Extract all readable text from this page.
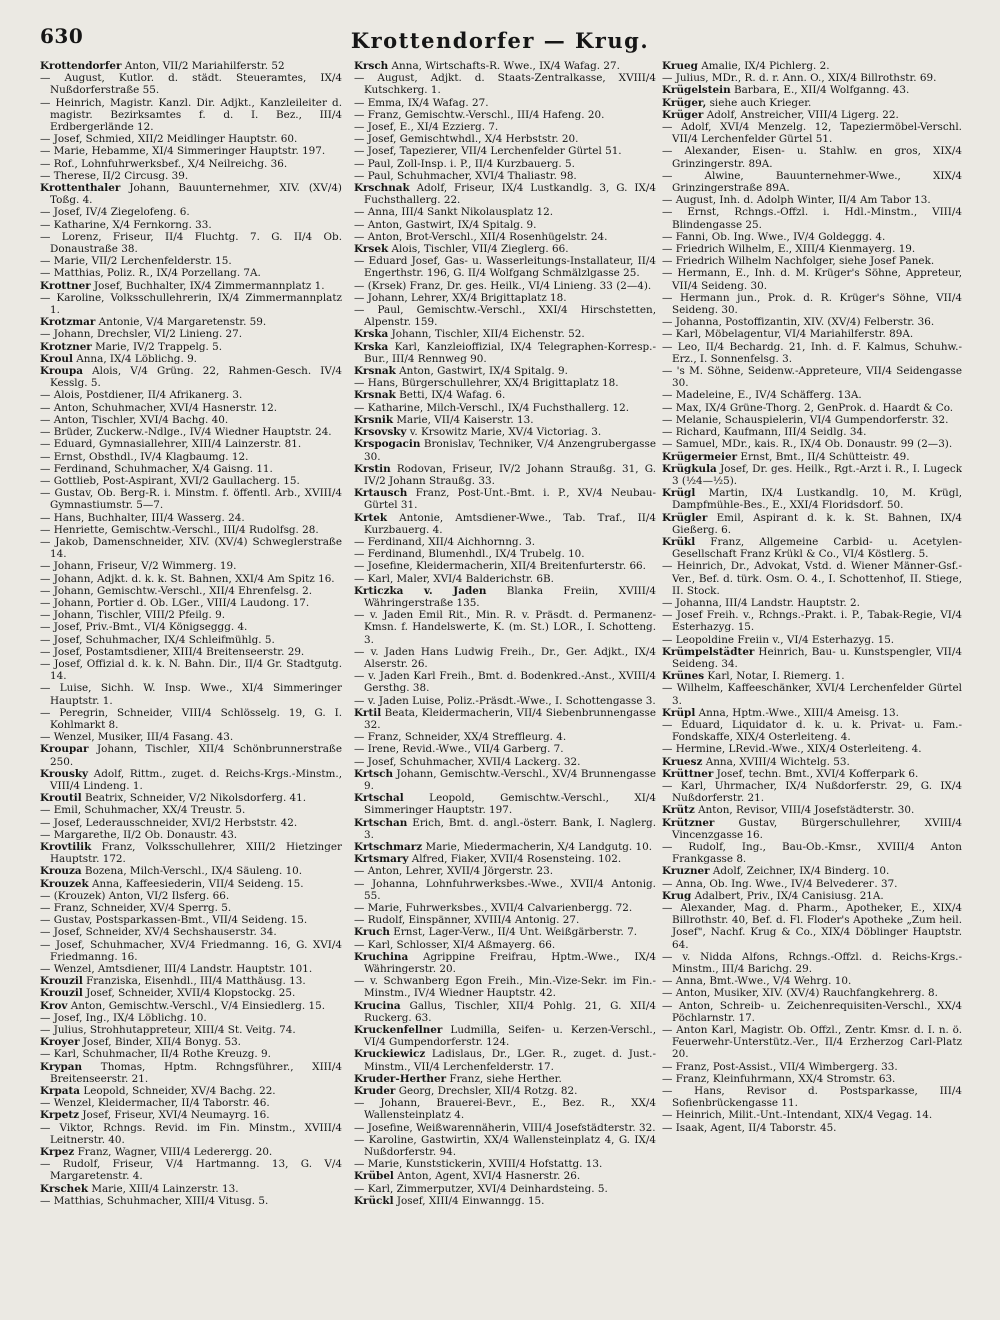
630	Krottendorfer — Krug.

Krottendorfer Anton, VII/2 Mariahilferstr. 52

— August, Kutlor. d. städt. Steueramtes, IX/4 Nußdorferstraße 55.

— Heinrich, Magistr. Kanzl. Dir. Adjkt., Kanzleileiter d. magistr. Bezirksamtes f. d. I. Bez., III/4 Erdbergerlände 12.

— Josef, Schmied, XII/2 Meidlinger Hauptstr. 60.

— Marie, Hebamme, XI/4 Simmeringer Hauptstr. 197.

— Rof., Lohnfuhrwerksbef., X/4 Neilreichg. 36.

— Therese, II/2 Circusg. 39.

Krottenthaler Johann, Bauunternehmer, XIV. (XV/4) Toßg. 4.

— Josef, IV/4 Ziegelofeng. 6.

— Katharine, X/4 Fernkorng. 33.

— Lorenz, Friseur, II/4 Fluchtg. 7. G. II/4 Ob. Donaustraße 38.

— Marie, VII/2 Lerchenfelderstr. 15.

— Matthias, Poliz. R., IX/4 Porzellang. 7A.

Krottner Josef, Buchhalter, IX/4 Zimmermannplatz 1.

— Karoline, Volksschullehrerin, IX/4 Zimmermannplatz 1.

Krotzmar Antonie, V/4 Margaretenstr. 59.

— Johann, Drechsler, VI/2 Linieng. 27.

Krotzner Marie, IV/2 Trappelg. 5.

Kroul Anna, IX/4 Löblichg. 9.

Kroupa Alois, V/4 Grüng. 22, Rahmen-Gesch. IV/4 Kesslg. 5.

— Alois, Postdiener, II/4 Afrikanerg. 3.

— Anton, Schuhmacher, XVI/4 Hasnerstr. 12.

— Anton, Tischler, XVI/4 Bachg. 40.

— Brüder, Zuckerw.-Ndlge., IV/4 Wiedner Hauptstr. 24.

— Eduard, Gymnasiallehrer, XIII/4 Lainzerstr. 81.

— Ernst, Obsthdl., IV/4 Klagbaumg. 12.

— Ferdinand, Schuhmacher, X/4 Gaisng. 11.

— Gottlieb, Post-Aspirant, XVI/2 Gaullacherg. 15.

— Gustav, Ob. Berg-R. i. Minstm. f. öffentl. Arb., XVIII/4 Gymnastiumstr. 5—7.

— Hans, Buchhalter, III/4 Wasserg. 24.

— Henriette, Gemischtw.-Verschl., III/4 Rudolfsg. 28.

— Jakob, Damenschneider, XIV. (XV/4) Schweglerstraße 14.

— Johann, Friseur, V/2 Wimmerg. 19.

— Johann, Adjkt. d. k. k. St. Bahnen, XXI/4 Am Spitz 16.

— Johann, Gemischtw.-Verschl., XII/4 Ehrenfelsg. 2.

— Johann, Portier d. Ob. LGer., VIII/4 Laudong. 17.

— Johann, Tischler, VIII/2 Pfeilg. 9.

— Josef, Priv.-Bmt., VI/4 Königseggg. 4.

— Josef, Schuhmacher, IX/4 Schleifmühlg. 5.

— Josef, Postamtsdiener, XIII/4 Breitenseerstr. 29.

— Josef, Offizial d. k. k. N. Bahn. Dir., II/4 Gr. Stadtgutg. 14.

— Luise, Sichh. W. Insp. Wwe., XI/4 Simmeringer Hauptstr. 1.

— Peregrin, Schneider, VIII/4 Schlösselg. 19, G. I. Kohlmarkt 8.

— Wenzel, Musiker, III/4 Fasang. 43.

Kroupar Johann, Tischler, XII/4 Schönbrunnerstraße 250.

Krousky Adolf, Rittm., zuget. d. Reichs-Krgs.-Minstm., VIII/4 Lindeng. 1.

Kroutil Beatrix, Schneider, V/2 Nikolsdorferg. 41.

— Emil, Schuhmacher, XX/4 Treustr. 5.

— Josef, Lederausschneider, XVI/2 Herbststr. 42.

— Margarethe, II/2 Ob. Donaustr. 43.

Krovtilik Franz, Volksschullehrer, XIII/2 Hietzinger Hauptstr. 172.

Krouza Bozena, Milch-Verschl., IX/4 Säuleng. 10.

Krouzek Anna, Kaffeesiederin, VII/4 Seideng. 15.

— (Krouzek) Anton, VI/2 Ilsferg. 66.

— Franz, Schneider, XV/4 Sperrg. 5.

— Gustav, Postsparkassen-Bmt., VII/4 Seideng. 15.

— Josef, Schneider, XV/4 Sechshauserstr. 34.

— Josef, Schuhmacher, XV/4 Friedmanng. 16, G. XVI/4 Friedmanng. 16.

— Wenzel, Amtsdiener, III/4 Landstr. Hauptstr. 101.

Krouzil Franziska, Eisenhdl., III/4 Matthäusg. 13.

Krouzil Josef, Schneider, XVII/4 Klopstockg. 25.

Krov Anton, Gemischtw.-Verschl., V/4 Einsiedlerg. 15.

— Josef, Ing., IX/4 Löblichg. 10.

— Julius, Strohhutappreteur, XIII/4 St. Veitg. 74.

Kroyer Josef, Binder, XII/4 Bonyg. 53.

— Karl, Schuhmacher, II/4 Rothe Kreuzg. 9.

Krypan Thomas, Hptm. Rchngsführer., XIII/4 Breitenseerstr. 21.

Krpata Leopold, Schneider, XV/4 Bachg. 22.

— Wenzel, Kleidermacher, II/4 Taborstr. 46.

Krpetz Josef, Friseur, XVI/4 Neumayrg. 16.

— Viktor, Rchngs. Revid. im Fin. Minstm., XVIII/4 Leitnerstr. 40.

Krpez Franz, Wagner, VIII/4 Lederergg. 20.

— Rudolf, Friseur, V/4 Hartmanng. 13, G. V/4 Margaretenstr. 4.

Krschek Marie, XIII/4 Lainzerstr. 13.

— Matthias, Schuhmacher, XIII/4 Vitusg. 5.

Krsch Anna, Wirtschafts-R. Wwe., IX/4 Wafag. 27.

— August, Adjkt. d. Staats-Zentralkasse, XVIII/4 Kutschkerg. 1.

— Emma, IX/4 Wafag. 27.

— Franz, Gemischtw.-Verschl., III/4 Hafeng. 20.

— Josef, E., XI/4 Ezzierg. 7.

— Josef, Gemischtwhdl., X/4 Herbststr. 20.

— Josef, Tapezierer, VII/4 Lerchenfelder Gürtel 51.

— Paul, Zoll-Insp. i. P., II/4 Kurzbauerg. 5.

— Paul, Schuhmacher, XVI/4 Thaliastr. 98.

Krschnak Adolf, Friseur, IX/4 Lustkandlg. 3, G. IX/4 Fuchsthallerg. 22.

— Anna, III/4 Sankt Nikolausplatz 12.

— Anton, Gastwirt, IX/4 Spitalg. 9.

— Anton, Brot-Verschl., XII/4 Rosenhügelstr. 24.

Krsek Alois, Tischler, VII/4 Zieglerg. 66.

— Eduard Josef, Gas- u. Wasserleitungs-Installateur, II/4 Engerthstr. 196, G. II/4 Wolfgang Schmälzlgasse 25.

— (Krsek) Franz, Dr. ges. Heilk., VI/4 Linieng. 33 (2—4).

— Johann, Lehrer, XX/4 Brigittaplatz 18.

— Paul, Gemischtw.-Verschl., XXI/4 Hirschstetten, Alpenstr. 159.

Krska Johann, Tischler, XII/4 Eichenstr. 52.

Krska Karl, Kanzleioffizial, IX/4 Telegraphen-Korresp.-Bur., III/4 Rennweg 90.

Krsnak Anton, Gastwirt, IX/4 Spitalg. 9.

— Hans, Bürgerschullehrer, XX/4 Brigittaplatz 18.

Krsnak Betti, IX/4 Wafag. 6.

— Katharine, Milch-Verschl., IX/4 Fuchsthallerg. 12.

Krsnik Marie, VII/4 Kaiserstr. 13.

Krsovsky v. Krsowitz Marie, XV/4 Victoriag. 3.

Krspogacin Bronislav, Techniker, V/4 Anzengrubergasse 30.

Krstin Rodovan, Friseur, IV/2 Johann Straußg. 31, G. IV/2 Johann Straußg. 33.

Krtausch Franz, Post-Unt.-Bmt. i. P., XV/4 Neubau-Gürtel 31.

Krtek Antonie, Amtsdiener-Wwe., Tab. Traf., II/4 Kurzbauerg. 4.

— Ferdinand, XII/4 Aichhornng. 3.

— Ferdinand, Blumenhdl., IX/4 Trubelg. 10.

— Josefine, Kleidermacherin, XII/4 Breitenfurterstr. 66.

— Karl, Maler, XVI/4 Balderichstr. 6B.

Krticzka v. Jaden Blanka Freiin, XVIII/4 Währingerstraße 135.

— v. Jaden Emil Rit., Min. R. v. Präsdt. d. Permanenz-Kmsn. f. Handelswerte, K. (m. St.) LOR., I. Schotteng. 3.

— v. Jaden Hans Ludwig Freih., Dr., Ger. Adjkt., IX/4 Alserstr. 26.

— v. Jaden Karl Freih., Bmt. d. Bodenkred.-Anst., XVIII/4 Gersthg. 38.

— v. Jaden Luise, Poliz.-Präsdt.-Wwe., I. Schottengasse 3.

Krtil Beata, Kleidermacherin, VII/4 Siebenbrunnengasse 32.

— Franz, Schneider, XX/4 Streffleurg. 4.

— Irene, Revid.-Wwe., VII/4 Garberg. 7.

— Josef, Schuhmacher, XVII/4 Lackerg. 32.

Krtsch Johann, Gemischtw.-Verschl., XV/4 Brunnengasse 9.

Krtschal Leopold, Gemischtw.-Verschl., XI/4 Simmeringer Hauptstr. 197.

Krtschan Erich, Bmt. d. angl.-österr. Bank, I. Naglerg. 3.

Krtschmarz Marie, Miedermacherin, X/4 Landgutg. 10.

Krtsmary Alfred, Fiaker, XVII/4 Rosensteing. 102.

— Anton, Lehrer, XVII/4 Jörgerstr. 23.

— Johanna, Lohnfuhrwerksbes.-Wwe., XVII/4 Antonig. 55.

— Marie, Fuhrwerksbes., XVII/4 Calvarienbergg. 72.

— Rudolf, Einspänner, XVIII/4 Antonig. 27.

Kruch Ernst, Lager-Verw., II/4 Unt. Weißgärberstr. 7.

— Karl, Schlosser, XI/4 Aßmayerg. 66.

Kruchina Agrippine Freifrau, Hptm.-Wwe., IX/4 Währingerstr. 20.

— v. Schwanberg Egon Freih., Min.-Vize-Sekr. im Fin.-Minstm., IV/4 Wiedner Hauptstr. 42.

Krucina Gallus, Tischler, XII/4 Pohlg. 21, G. XII/4 Ruckerg. 63.

Kruckenfellner Ludmilla, Seifen- u. Kerzen-Verschl., VI/4 Gumpendorferstr. 124.

Kruckiewicz Ladislaus, Dr., LGer. R., zuget. d. Just.-Minstm., VII/4 Lerchenfelderstr. 17.

Kruder-Herther Franz, siehe Herther.

Kruder Georg, Drechsler, XII/4 Rotzg. 82.

— Johann, Brauerei-Bevr., E., Bez. R., XX/4 Wallensteinplatz 4.

— Josefine, Weißwarennäherin, VIII/4 Josefstädterstr. 32.

— Karoline, Gastwirtin, XX/4 Wallensteinplatz 4, G. IX/4 Nußdorferstr. 94.

— Marie, Kunststickerin, XVIII/4 Hofstattg. 13.

Krübel Anton, Agent, XVI/4 Hasnerstr. 26.

— Karl, Zimmerputzer, XVI/4 Deinhardsteing. 5.

Krückl Josef, XIII/4 Einwanngg. 15.

Krueg Amalie, IX/4 Pichlerg. 2.

— Julius, MDr., R. d. r. Ann. O., XIX/4 Billrothstr. 69.

Krügelstein Barbara, E., XII/4 Wolfganng. 43.

Krüger, siehe auch Krieger.

Krüger Adolf, Anstreicher, VIII/4 Ligerg. 22.

— Adolf, XVI/4 Menzelg. 12, Tapeziermöbel-Verschl. VII/4 Lerchenfelder Gürtel 51.

— Alexander, Eisen- u. Stahlw. en gros, XIX/4 Grinzingerstr. 89A.

— Alwine, Bauunternehmer-Wwe., XIX/4 Grinzingerstraße 89A.

— August, Inh. d. Adolph Winter, II/4 Am Tabor 13.

— Ernst, Rchngs.-Offzl. i. Hdl.-Minstm., VIII/4 Blindengasse 25.

— Fanni, Ob. Ing. Wwe., IV/4 Goldeggg. 4.

— Friedrich Wilhelm, E., XIII/4 Kienmayerg. 19.

— Friedrich Wilhelm Nachfolger, siehe Josef Panek.

— Hermann, E., Inh. d. M. Krüger's Söhne, Appreteur, VII/4 Seideng. 30.

— Hermann jun., Prok. d. R. Krüger's Söhne, VII/4 Seideng. 30.

— Johanna, Postoffizantin, XIV. (XV/4) Felberstr. 36.

— Karl, Möbelagentur, VI/4 Mariahilferstr. 89A.

— Leo, II/4 Bechardg. 21, Inh. d. F. Kalmus, Schuhw.-Erz., I. Sonnenfelsg. 3.

— 's M. Söhne, Seidenw.-Appreteure, VII/4 Seidengasse 30.

— Madeleine, E., IV/4 Schäfferg. 13A.

— Max, IX/4 Grüne-Thorg. 2, GenProk. d. Haardt & Co.

— Melanie, Schauspielerin, VI/4 Gumpendorferstr. 32.

— Richard, Kaufmann, III/4 Seidlg. 34.

— Samuel, MDr., kais. R., IX/4 Ob. Donaustr. 99 (2—3).

Krügermeier Ernst, Bmt., II/4 Schütteistr. 49.

Krügkula Josef, Dr. ges. Heilk., Rgt.-Arzt i. R., I. Lugeck 3 (½4—½5).

Krügl Martin, IX/4 Lustkandlg. 10, M. Krügl, Dampfmühle-Bes., E., XXI/4 Floridsdorf. 50.

Krügler Emil, Aspirant d. k. k. St. Bahnen, IX/4 Gießerg. 6.

Krükl Franz, Allgemeine Carbid- u. Acetylen-Gesellschaft Franz Krükl & Co., VI/4 Köstlerg. 5.

— Heinrich, Dr., Advokat, Vstd. d. Wiener Männer-Gsf.-Ver., Bef. d. türk. Osm. O. 4., I. Schottenhof, II. Stiege, II. Stock.

— Johanna, III/4 Landstr. Hauptstr. 2.

— Josef Freih. v., Rchngs.-Prakt. i. P., Tabak-Regie, VI/4 Esterhazyg. 15.

— Leopoldine Freiin v., VI/4 Esterhazyg. 15.

Krümpelstädter Heinrich, Bau- u. Kunstspengler, VII/4 Seideng. 34.

Krünes Karl, Notar, I. Riemerg. 1.

— Wilhelm, Kaffeeschänker, XVI/4 Lerchenfelder Gürtel 3.

Krüpl Anna, Hptm.-Wwe., XIII/4 Ameisg. 13.

— Eduard, Liquidator d. k. u. k. Privat- u. Fam.-Fondskaffe, XIX/4 Osterleiteng. 4.

— Hermine, LRevid.-Wwe., XIX/4 Osterleiteng. 4.

Kruesz Anna, XVIII/4 Wichtelg. 53.

Krüttner Josef, techn. Bmt., XVI/4 Kofferpark 6.

— Karl, Uhrmacher, IX/4 Nußdorferstr. 29, G. IX/4 Nußdorferstr. 21.

Krütz Anton, Revisor, VIII/4 Josefstädterstr. 30.

Krützner Gustav, Bürgerschullehrer, XVIII/4 Vincenzgasse 16.

— Rudolf, Ing., Bau-Ob.-Kmsr., XVIII/4 Anton Frankgasse 8.

Kruzner Adolf, Zeichner, IX/4 Binderg. 10.

— Anna, Ob. Ing. Wwe., IV/4 Belvederег. 37.

Krug Adalbert, Priv., IX/4 Canisiusg. 21A.

— Alexander, Mag. d. Pharm., Apotheker, E., XIX/4 Billrothstr. 40, Bef. d. Fl. Floder's Apotheke „Zum heil. Josef", Nachf. Krug & Co., XIX/4 Döblinger Hauptstr. 64.

— v. Nidda Alfons, Rchngs.-Offzl. d. Reichs-Krgs.-Minstm., III/4 Barichg. 29.

— Anna, Bmt.-Wwe., V/4 Wehrg. 10.

— Anton, Musiker, XIV. (XV/4) Rauchfangkehrerg. 8.

— Anton, Schreib- u. Zeichenrequisiten-Verschl., XX/4 Pöchlarnstr. 17.

— Anton Karl, Magistr. Ob. Offzl., Zentr. Kmsr. d. I. n. ö. Feuerwehr-Unterstütz.-Ver., II/4 Erzherzog Carl-Platz 20.

— Franz, Post-Assist., VII/4 Wimbergerg. 33.

— Franz, Kleinfuhrmann, XX/4 Stromstr. 63.

— Hans, Revisor d. Postsparkasse, III/4 Sofienbrückengasse 11.

— Heinrich, Milit.-Unt.-Intendant, XIX/4 Vegag. 14.

— Isaak, Agent, II/4 Taborstr. 45.
